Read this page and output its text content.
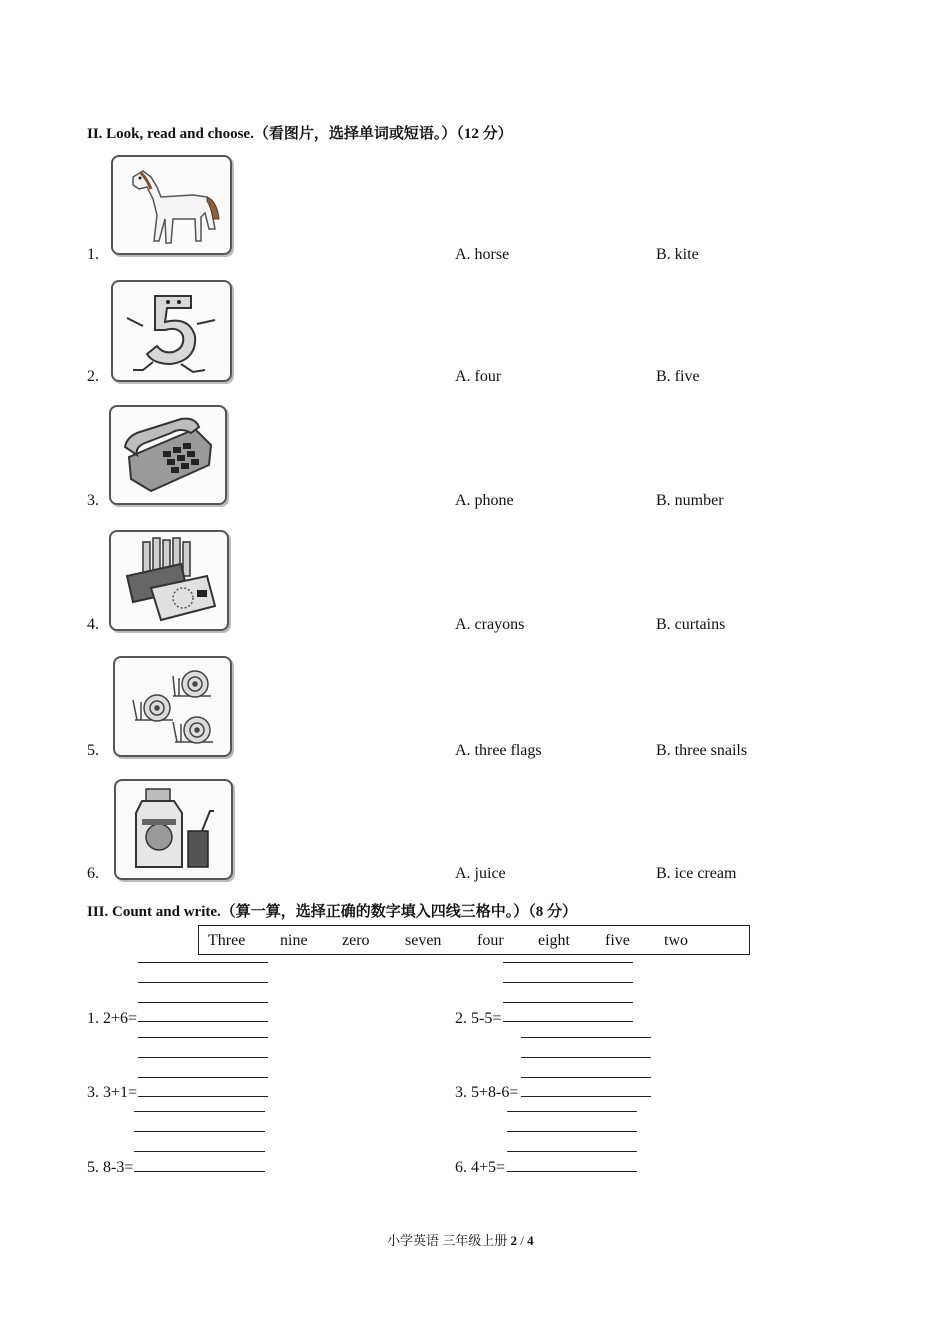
II. Look, read and choose.（看图片，选择单词或短语。）（12 分）
1.	A. horse	B. kite
2.	A. four	B. five
3.	A. phone	B. number
4.	A. crayons	B. curtains
5.	A. three flags	B. three snails
6.	A. juice	B. ice cream
III. Count and write.（算一算，选择正确的数字填入四线三格中。）（8 分）
Three nine zero seven four eight five two
1. 2+6=	2. 5-5=
3. 3+1=	3. 5+8-6=
5. 8-3=	6. 4+5=
小学英语 三年级上册 2 / 4
